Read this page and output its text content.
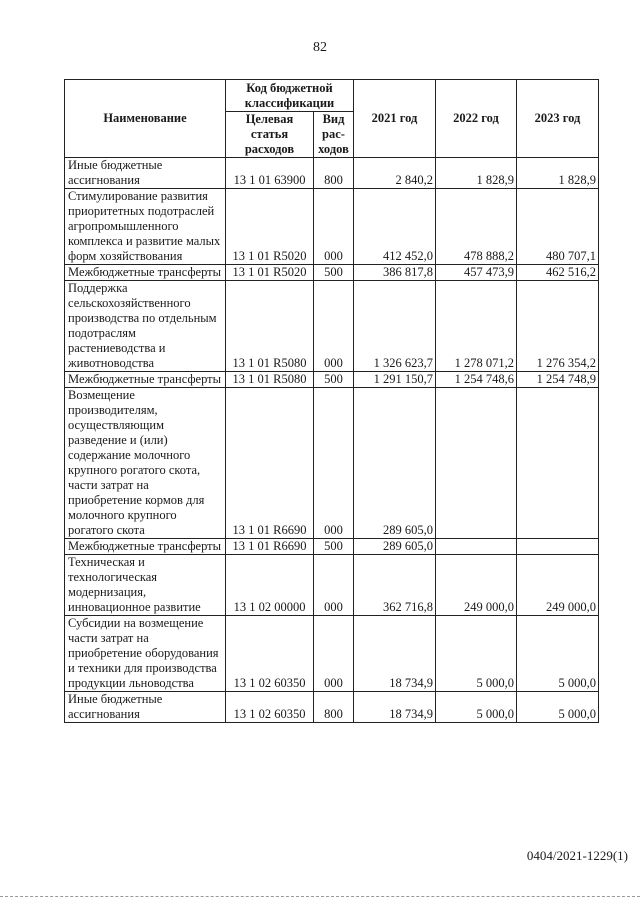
82
Наименование	Код бюджетной классификации		2021 год	2022 год	2023 год
	Целевая статья расходов	Вид рас- ходов			
Иные бюджетные ассигнования	13 1 01 63900	800	2 840,2	1 828,9	1 828,9
Стимулирование развития приоритетных подотраслей агропромышленного комплекса и развитие малых форм хозяйствования	13 1 01 R5020	000	412 452,0	478 888,2	480 707,1
Межбюджетные трансферты	13 1 01 R5020	500	386 817,8	457 473,9	462 516,2
Поддержка сельскохозяйственного производства по отдельным подотраслям растениеводства и животноводства	13 1 01 R5080	000	1 326 623,7	1 278 071,2	1 276 354,2
Межбюджетные трансферты	13 1 01 R5080	500	1 291 150,7	1 254 748,6	1 254 748,9
Возмещение производителям, осуществляющим разведение и (или) содержание молочного крупного рогатого скота, части затрат на приобретение кормов для молочного крупного рогатого скота	13 1 01 R6690	000	289 605,0		
Межбюджетные трансферты	13 1 01 R6690	500	289 605,0		
Техническая и технологическая модернизация, инновационное развитие	13 1 02 00000	000	362 716,8	249 000,0	249 000,0
Субсидии на возмещение части затрат на приобретение оборудования и техники для производства продукции льноводства	13 1 02 60350	000	18 734,9	5 000,0	5 000,0
Иные бюджетные ассигнования	13 1 02 60350	800	18 734,9	5 000,0	5 000,0
0404/2021-1229(1)
